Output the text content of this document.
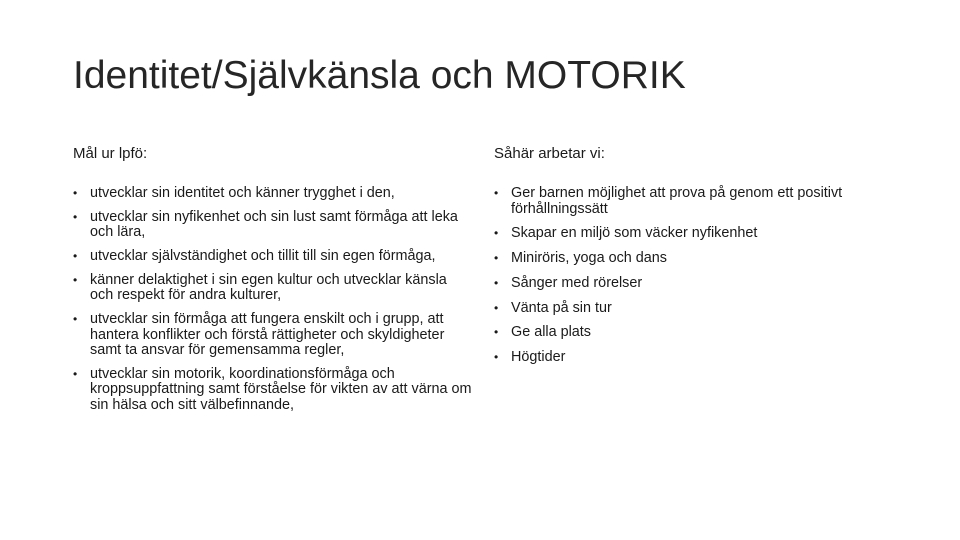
Identitet/Självkänsla och MOTORIK

Mål ur lpfö:

• utvecklar sin identitet och känner trygghet i den,
• utvecklar sin nyfikenhet och sin lust samt förmåga att leka och lära,
• utvecklar självständighet och tillit till sin egen förmåga,
• känner delaktighet i sin egen kultur och utvecklar känsla och respekt för andra kulturer,
• utvecklar sin förmåga att fungera enskilt och i grupp, att hantera konflikter och förstå rättigheter och skyldigheter samt ta ansvar för gemensamma regler,
• utvecklar sin motorik, koordinationsförmåga och kroppsuppfattning samt förståelse för vikten av att värna om sin hälsa och sitt välbefinnande,

Såhär arbetar vi:

• Ger barnen möjlighet att prova på genom ett positivt förhållningssätt
• Skapar en miljö som väcker nyfikenhet
• Miniröris, yoga och dans
• Sånger med rörelser
• Vänta på sin tur
• Ge alla plats
• Högtider
